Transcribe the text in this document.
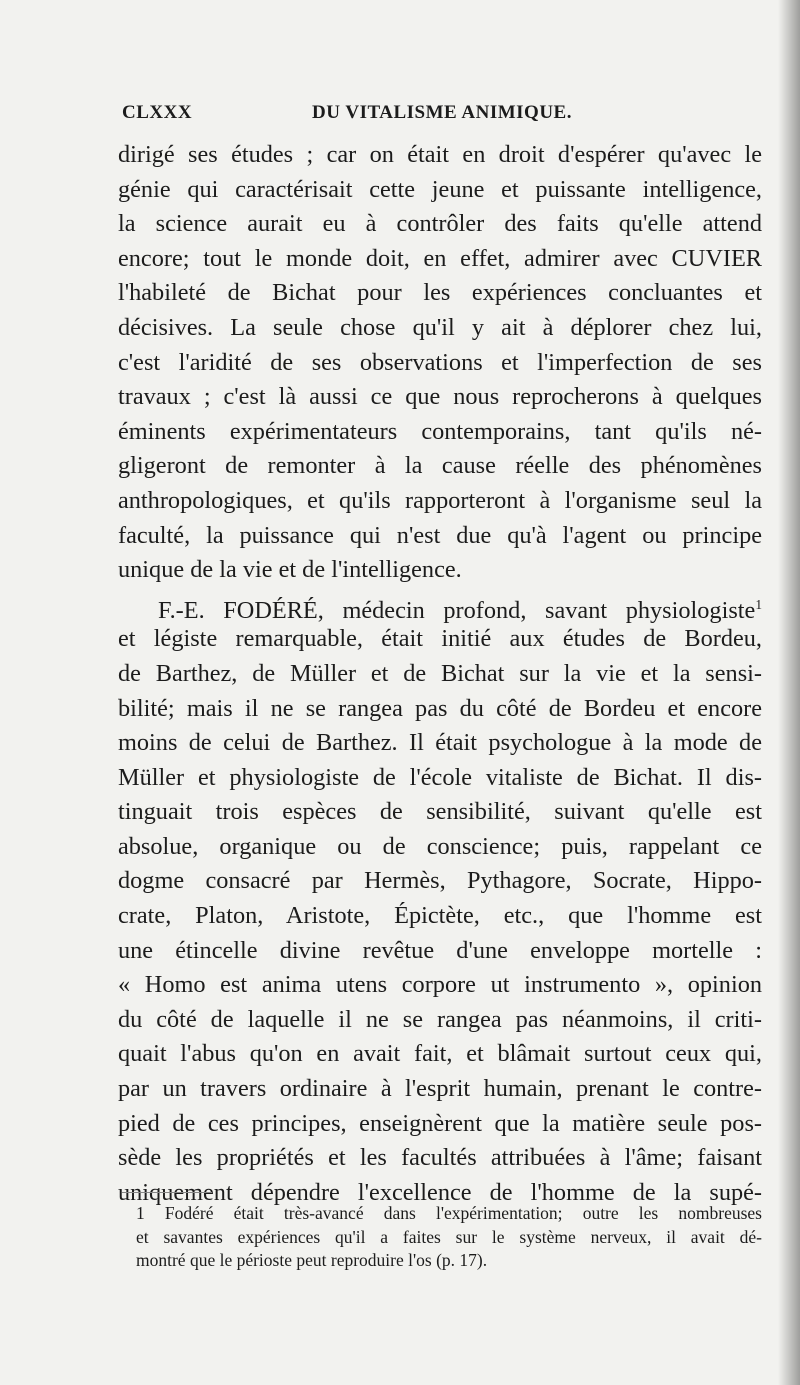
CLXXX	DU VITALISME ANIMIQUE.
dirigé ses études ; car on était en droit d'espérer qu'avec le
génie qui caractérisait cette jeune et puissante intelligence,
la science aurait eu à contrôler des faits qu'elle attend
encore; tout le monde doit, en effet, admirer avec CUVIER
l'habileté de Bichat pour les expériences concluantes et
décisives. La seule chose qu'il y ait à déplorer chez lui,
c'est l'aridité de ses observations et l'imperfection de ses
travaux ; c'est là aussi ce que nous reprocherons à quelques
éminents expérimentateurs contemporains, tant qu'ils né-
gligeront de remonter à la cause réelle des phénomènes
anthropologiques, et qu'ils rapporteront à l'organisme seul la
faculté, la puissance qui n'est due qu'à l'agent ou principe
unique de la vie et de l'intelligence.
F.-E. FODÉRÉ, médecin profond, savant physiologiste$^1$
et légiste remarquable, était initié aux études de Bordeu,
de Barthez, de Müller et de Bichat sur la vie et la sensi-
bilité; mais il ne se rangea pas du côté de Bordeu et encore
moins de celui de Barthez. Il était psychologue à la mode de
Müller et physiologiste de l'école vitaliste de Bichat. Il dis-
tinguait trois espèces de sensibilité, suivant qu'elle est
absolue, organique ou de conscience; puis, rappelant ce
dogme consacré par Hermès, Pythagore, Socrate, Hippo-
crate, Platon, Aristote, Épictète, etc., que l'homme est
une étincelle divine revêtue d'une enveloppe mortelle :
« Homo est anima utens corpore ut instrumento », opinion
du côté de laquelle il ne se rangea pas néanmoins, il criti-
quait l'abus qu'on en avait fait, et blâmait surtout ceux qui,
par un travers ordinaire à l'esprit humain, prenant le contre-
pied de ces principes, enseignèrent que la matière seule pos-
sède les propriétés et les facultés attribuées à l'âme; faisant
uniquement dépendre l'excellence de l'homme de la supé-
1 Fodéré était très-avancé dans l'expérimentation; outre les nombreuses
et savantes expériences qu'il a faites sur le système nerveux, il avait dé-
montré que le périoste peut reproduire l'os (p. 17).
